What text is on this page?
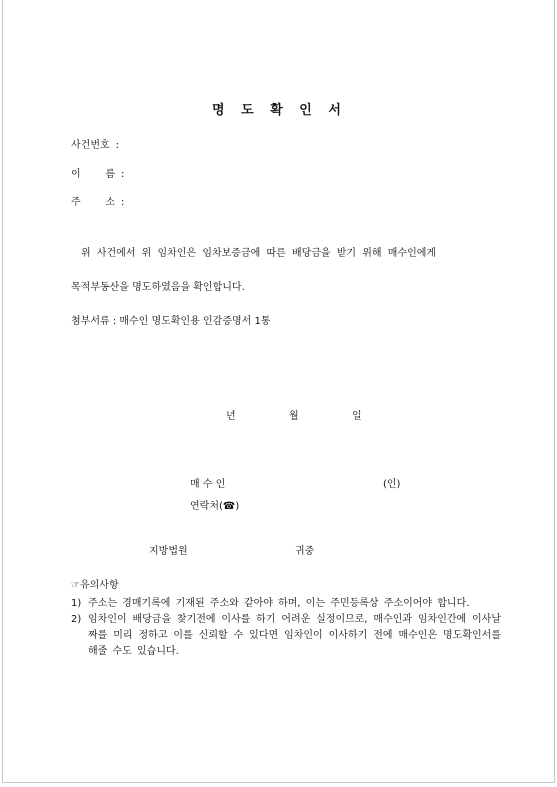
명 도 확 인 서
사건번호 :
이 름 :
주 소 :
위 사건에서 위 임차인은 임차보증금에 따른 배당금을 받기 위해 매수인에게
목적부동산을 명도하였음을 확인합니다.
첨부서류 : 매수인 명도확인용 인감증명서 1통
년	월	일
매 수 인	(인)
연락처(☎)
지방법원	귀중
☞유의사항
1) 주소는 경매기록에 기재된 주소와 같아야 하며, 이는 주민등록상 주소이어야 합니다.
2) 임차인이 배당금을 찾기전에 이사를 하기 어려운 실정이므로, 매수인과 임차인간에 이사날짜를 미리 정하고 이를 신뢰할 수 있다면 임차인이 이사하기 전에 매수인은 명도확인서를 해줄 수도 있습니다.
